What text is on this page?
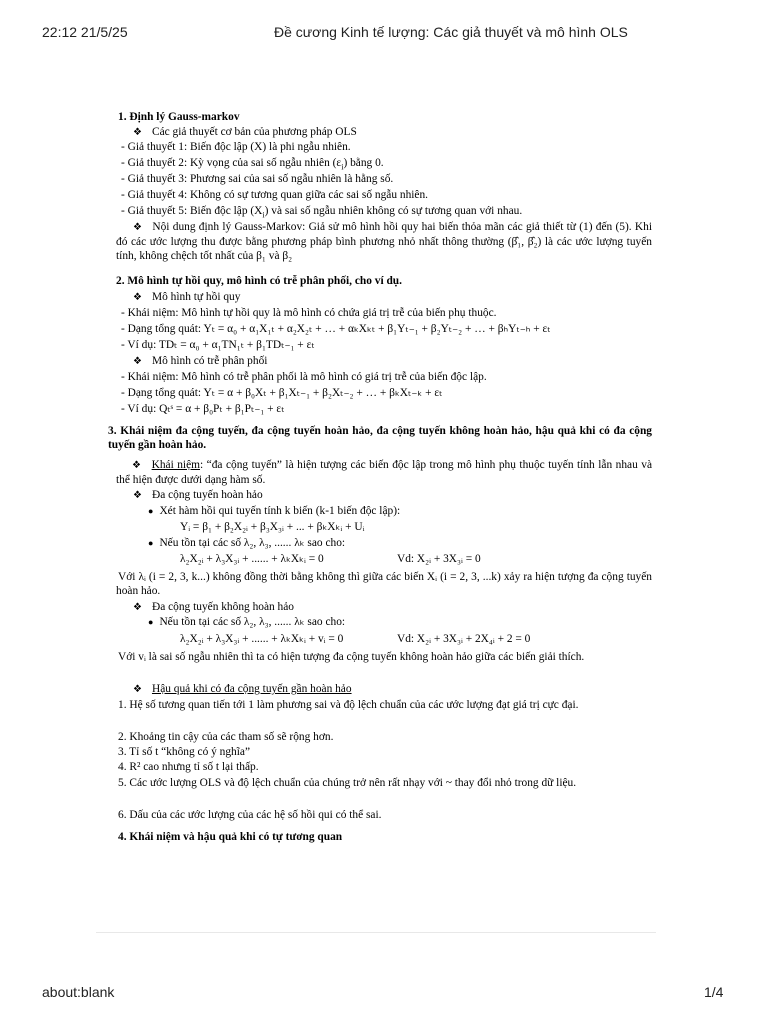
22:12 21/5/25	Đề cương Kinh tế lượng: Các giả thuyết và mô hình OLS
about:blank	1/4
1. Định lý Gauss-markov
❖ Các giả thuyết cơ bản của phương pháp OLS
- Giả thuyết 1: Biến độc lập (X) là phi ngẫu nhiên.
- Giả thuyết 2: Kỳ vọng của sai số ngẫu nhiên $(\varepsilon_i)$ bằng 0.
- Giả thuyết 3: Phương sai của sai số ngẫu nhiên là hằng số.
- Giả thuyết 4: Không có sự tương quan giữa các sai số ngẫu nhiên.
- Giả thuyết 5: Biến độc lập $(X_i)$ và sai số ngẫu nhiên không có sự tương quan với nhau.
❖ Nội dung định lý Gauss-Markov: Giả sử mô hình hồi quy hai biến thỏa mãn các giả thiết từ (1) đến (5). Khi đó các ước lượng thu được bằng phương pháp bình phương nhỏ nhất thông thường (β̂₁, β̂₂) là các ước lượng tuyến tính, không chệch tốt nhất của β₁ và β₂
2. Mô hình tự hồi quy, mô hình có trễ phân phối, cho ví dụ.
❖ Mô hình tự hồi quy
- Khái niệm: Mô hình tự hồi quy là mô hình có chứa giá trị trễ của biến phụ thuộc.
- Dạng tổng quát: Yₜ = α₀ + α₁X₁ₜ + α₂X₂ₜ + … + αₖXₖₜ + β₁Yₜ₋₁ + β₂Yₜ₋₂ + … + βₕYₜ₋ₕ + εₜ
- Ví dụ: TDₜ = α₀ + α₁TN₁ₜ + β₁TDₜ₋₁ + εₜ
❖ Mô hình có trễ phân phối
- Khái niệm: Mô hình có trễ phân phối là mô hình có giá trị trễ của biến độc lập.
- Dạng tổng quát: Yₜ = α + β₀Xₜ + β₁Xₜ₋₁ + β₂Xₜ₋₂ + … + βₖXₜ₋ₖ + εₜ
- Ví dụ: Qₜˢ = α + β₀Pₜ + β₁Pₜ₋₁ + εₜ
3. Khái niệm đa cộng tuyến, đa cộng tuyến hoàn hảo, đa cộng tuyến không hoàn hảo, hậu quả khi có đa cộng tuyến gần hoàn hảo.
❖ Khái niệm: “đa cộng tuyến” là hiện tượng các biến độc lập trong mô hình phụ thuộc tuyến tính lẫn nhau và thể hiện được dưới dạng hàm số.
❖ Đa cộng tuyến hoàn hảo
● Xét hàm hồi qui tuyến tính k biến (k-1 biến độc lập):
Yᵢ = β₁ + β₂X₂ᵢ + β₃X₃ᵢ + ... + βₖXₖᵢ + Uᵢ
● Nếu tồn tại các số λ₂, λ₃, ...... λₖ sao cho:
λ₂X₂ᵢ + λ₃X₃ᵢ + ...... + λₖXₖᵢ = 0	Vd: X₂ᵢ + 3X₃ᵢ = 0
Với λᵢ (i = 2, 3, k...) không đồng thời bằng không thì giữa các biến Xᵢ (i = 2, 3, ...k) xảy ra hiện tượng đa cộng tuyến hoàn hảo.
❖ Đa cộng tuyến không hoàn hảo
● Nếu tồn tại các số λ₂, λ₃, ...... λₖ sao cho:
λ₂X₂ᵢ + λ₃X₃ᵢ + ...... + λₖXₖᵢ + vᵢ = 0	Vd: X₂ᵢ + 3X₃ᵢ + 2X₄ᵢ + 2 = 0
Với vᵢ là sai số ngẫu nhiên thì ta có hiện tượng đa cộng tuyến không hoàn hảo giữa các biến giải thích.
❖ Hậu quả khi có đa cộng tuyến gần hoàn hảo
1. Hệ số tương quan tiến tới 1 làm phương sai và độ lệch chuẩn của các ước lượng đạt giá trị cực đại.
2. Khoảng tin cậy của các tham số sẽ rộng hơn.
3. Tỉ số t “không có ý nghĩa”
4. R² cao nhưng tỉ số t lại thấp.
5. Các ước lượng OLS và độ lệch chuẩn của chúng trở nên rất nhạy với ~ thay đổi nhỏ trong dữ liệu.
6. Dấu của các ước lượng của các hệ số hồi qui có thể sai.
4. Khái niệm và hậu quả khi có tự tương quan
